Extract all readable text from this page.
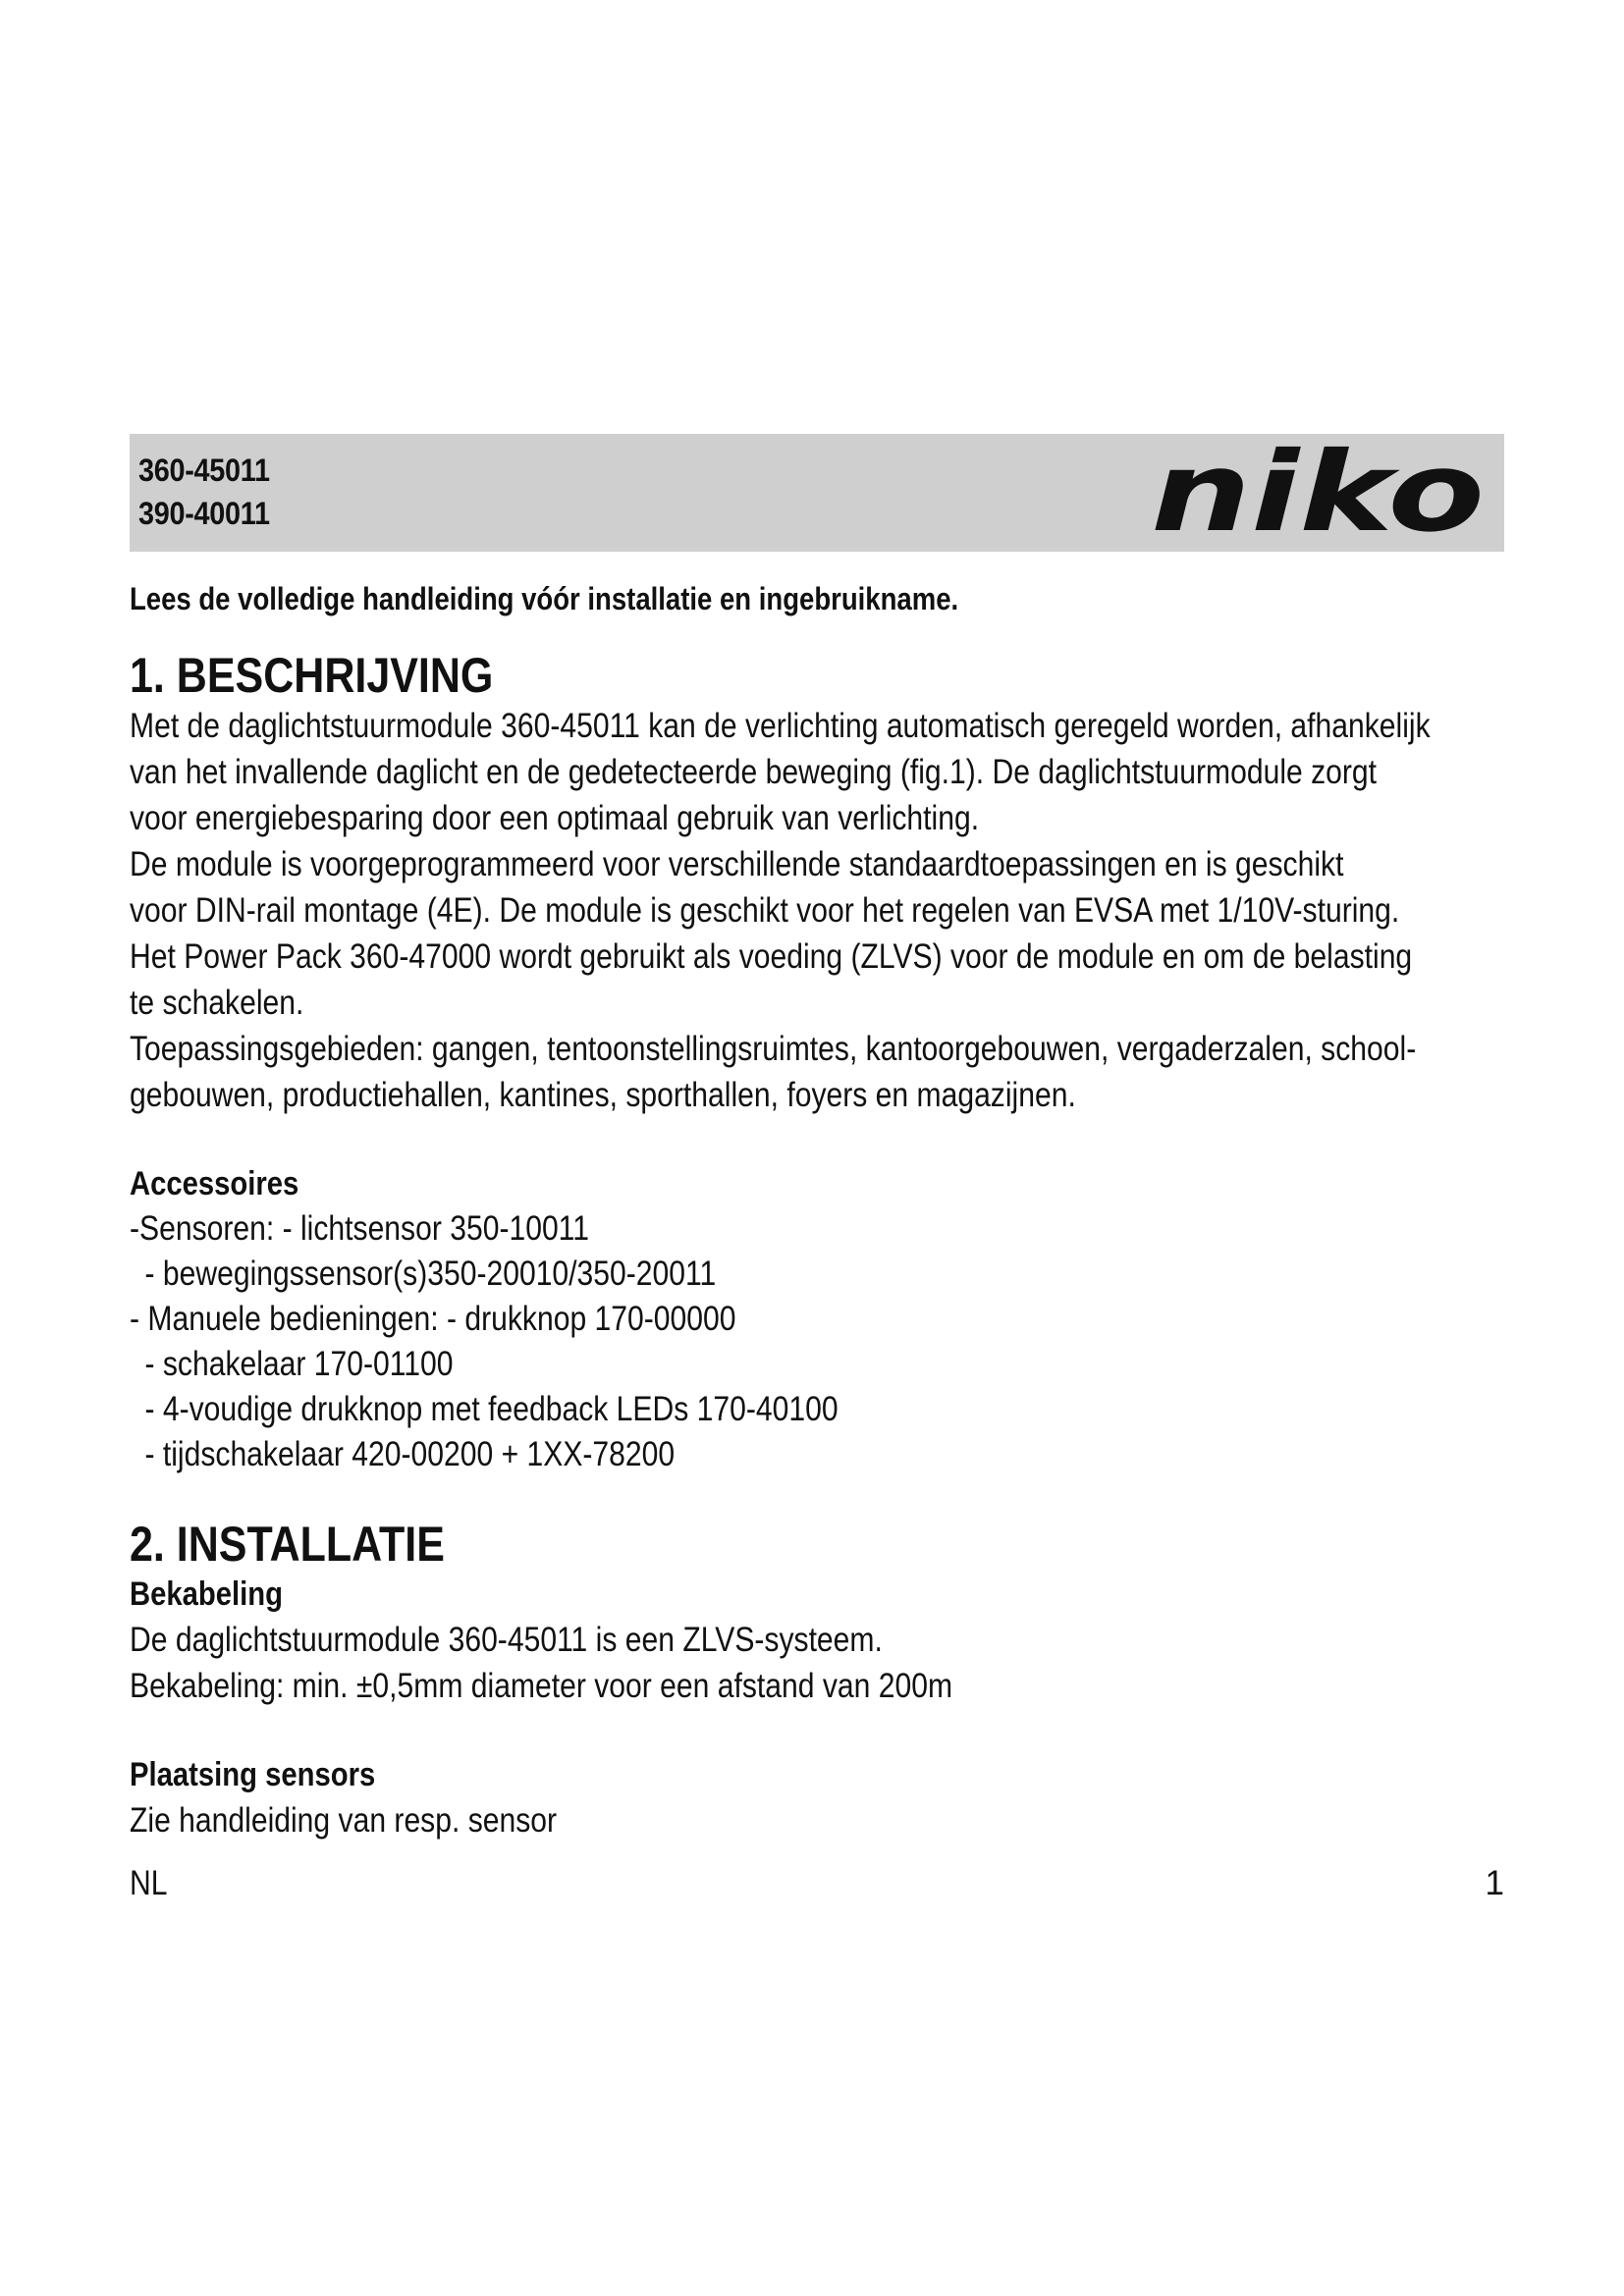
360-45011
390-40011	niko
Lees de volledige handleiding vóór installatie en ingebruikname.
1. BESCHRIJVING
Met de daglichtstuurmodule 360-45011 kan de verlichting automatisch geregeld worden, afhankelijk
van het invallende daglicht en de gedetecteerde beweging (fig.1). De daglichtstuurmodule zorgt
voor energiebesparing door een optimaal gebruik van verlichting.
De module is voorgeprogrammeerd voor verschillende standaardtoepassingen en is geschikt
voor DIN-rail montage (4E). De module is geschikt voor het regelen van EVSA met 1/10V-sturing.
Het Power Pack 360-47000 wordt gebruikt als voeding (ZLVS) voor de module en om de belasting
te schakelen.
Toepassingsgebieden: gangen, tentoonstellingsruimtes, kantoorgebouwen, vergaderzalen, school-
gebouwen, productiehallen, kantines, sporthallen, foyers en magazijnen.
Accessoires
-Sensoren: - lichtsensor 350-10011
- bewegingssensor(s)350-20010/350-20011
- Manuele bedieningen: - drukknop 170-00000
- schakelaar 170-01100
- 4-voudige drukknop met feedback LEDs 170-40100
- tijdschakelaar 420-00200 + 1XX-78200
2. INSTALLATIE
Bekabeling
De daglichtstuurmodule 360-45011 is een ZLVS-systeem.
Bekabeling: min. ±0,5mm diameter voor een afstand van 200m
Plaatsing sensors
Zie handleiding van resp. sensor
NL	1
